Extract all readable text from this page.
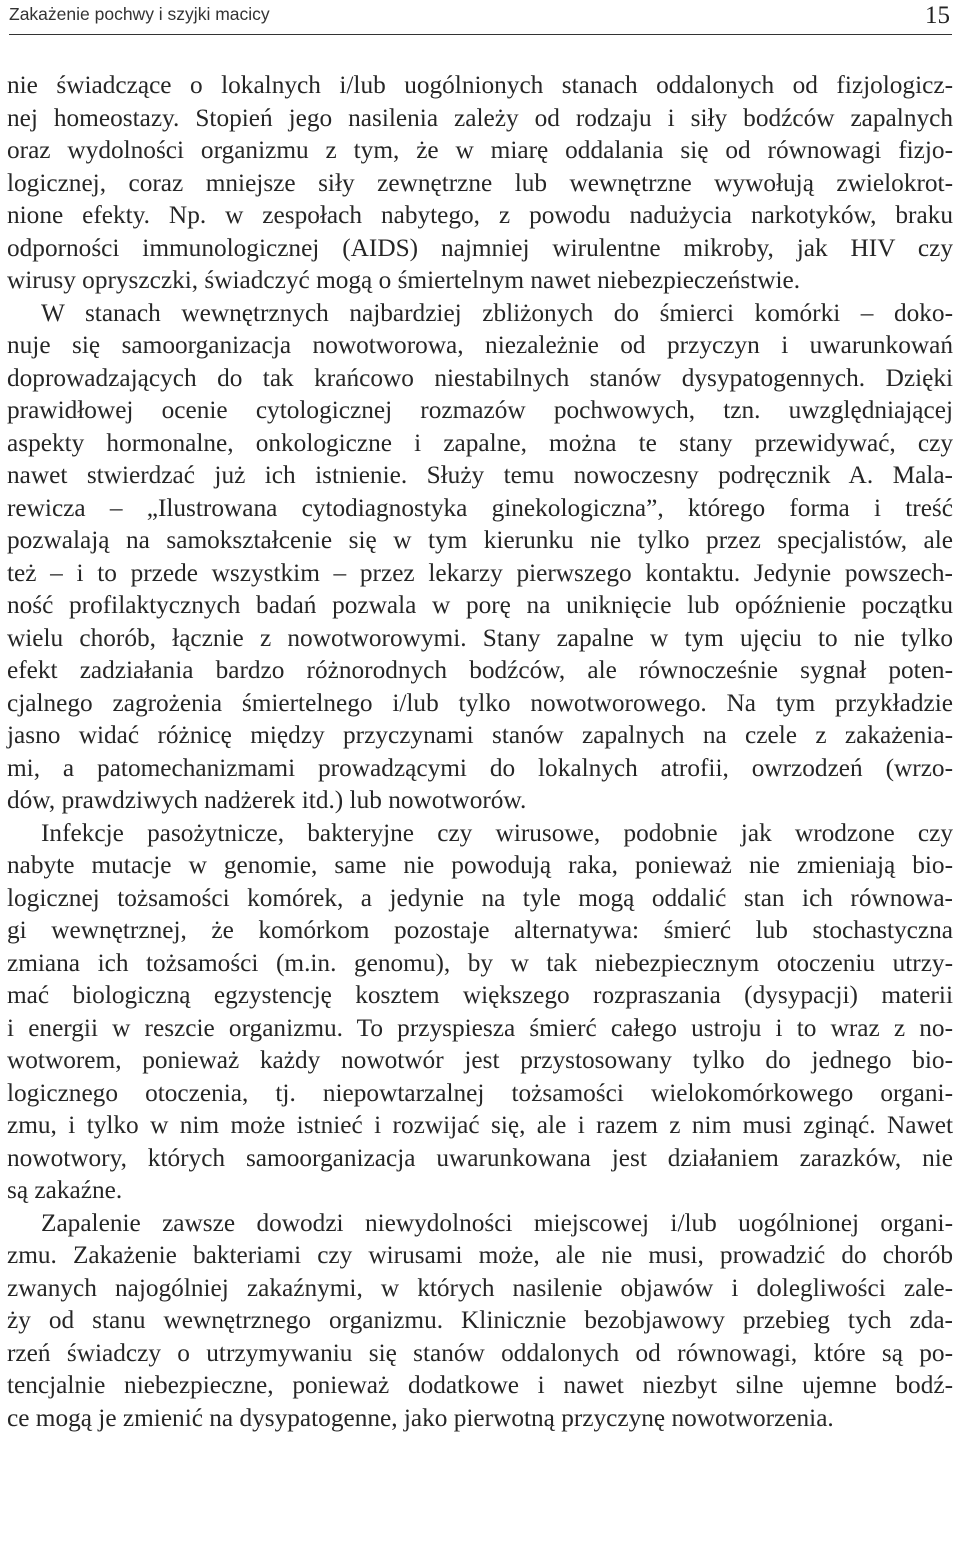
Zakażenie pochwy i szyjki macicy	15
nie świadczące o lokalnych i/lub uogólnionych stanach oddalonych od fizjologicz-
nej homeostazy. Stopień jego nasilenia zależy od rodzaju i siły bodźców zapalnych
oraz wydolności organizmu z tym, że w miarę oddalania się od równowagi fizjo-
logicznej, coraz mniejsze siły zewnętrzne lub wewnętrzne wywołują zwielokrot-
nione efekty. Np. w zespołach nabytego, z powodu nadużycia narkotyków, braku
odporności immunologicznej (AIDS) najmniej wirulentne mikroby, jak HIV czy
wirusy opryszczki, świadczyć mogą o śmiertelnym nawet niebezpieczeństwie.
W stanach wewnętrznych najbardziej zbliżonych do śmierci komórki – doko-
nuje się samoorganizacja nowotworowa, niezależnie od przyczyn i uwarunkowań
doprowadzających do tak krańcowo niestabilnych stanów dysypatogennych. Dzięki
prawidłowej ocenie cytologicznej rozmazów pochwowych, tzn. uwzględniającej
aspekty hormonalne, onkologiczne i zapalne, można te stany przewidywać, czy
nawet stwierdzać już ich istnienie. Służy temu nowoczesny podręcznik A. Mala-
rewicza – „Ilustrowana cytodiagnostyka ginekologiczna”, którego forma i treść
pozwalają na samokształcenie się w tym kierunku nie tylko przez specjalistów, ale
też – i to przede wszystkim – przez lekarzy pierwszego kontaktu. Jedynie powszech-
ność profilaktycznych badań pozwala w porę na uniknięcie lub opóźnienie początku
wielu chorób, łącznie z nowotworowymi. Stany zapalne w tym ujęciu to nie tylko
efekt zadziałania bardzo różnorodnych bodźców, ale równocześnie sygnał poten-
cjalnego zagrożenia śmiertelnego i/lub tylko nowotworowego. Na tym przykładzie
jasno widać różnicę między przyczynami stanów zapalnych na czele z zakażenia-
mi, a patomechanizmami prowadzącymi do lokalnych atrofii, owrzodzeń (wrzo-
dów, prawdziwych nadżerek itd.) lub nowotworów.
Infekcje pasożytnicze, bakteryjne czy wirusowe, podobnie jak wrodzone czy
nabyte mutacje w genomie, same nie powodują raka, ponieważ nie zmieniają bio-
logicznej tożsamości komórek, a jedynie na tyle mogą oddalić stan ich równowa-
gi wewnętrznej, że komórkom pozostaje alternatywa: śmierć lub stochastyczna
zmiana ich tożsamości (m.in. genomu), by w tak niebezpiecznym otoczeniu utrzy-
mać biologiczną egzystencję kosztem większego rozpraszania (dysypacji) materii
i energii w reszcie organizmu. To przyspiesza śmierć całego ustroju i to wraz z no-
wotworem, ponieważ każdy nowotwór jest przystosowany tylko do jednego bio-
logicznego otoczenia, tj. niepowtarzalnej tożsamości wielokomórkowego organi-
zmu, i tylko w nim może istnieć i rozwijać się, ale i razem z nim musi zginąć. Nawet
nowotwory, których samoorganizacja uwarunkowana jest działaniem zarazków, nie
są zakaźne.
Zapalenie zawsze dowodzi niewydolności miejscowej i/lub uogólnionej organi-
zmu. Zakażenie bakteriami czy wirusami może, ale nie musi, prowadzić do chorób
zwanych najogólniej zakaźnymi, w których nasilenie objawów i dolegliwości zale-
ży od stanu wewnętrznego organizmu. Klinicznie bezobjawowy przebieg tych zda-
rzeń świadczy o utrzymywaniu się stanów oddalonych od równowagi, które są po-
tencjalnie niebezpieczne, ponieważ dodatkowe i nawet niezbyt silne ujemne bodź-
ce mogą je zmienić na dysypatogenne, jako pierwotną przyczynę nowotworzenia.
